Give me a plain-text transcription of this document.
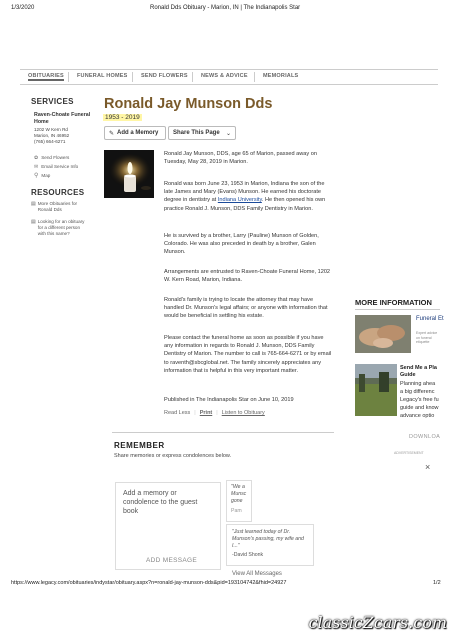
1/3/2020	Ronald Dds Obituary - Marion, IN | The Indianapolis Star
OBITUARIES FUNERAL HOMES SEND FLOWERS NEWS & ADVICE	MEMORIALS
SERVICES
Raven-Choate Funeral
Home
1202 W Kern Rd
Marion, IN 46952
(765) 664-6271
✿ Send Flowers
✉ Email Service Info
⚲ Map
RESOURCES
▤ More Obituaries for
Ronald Dds
▤ Looking for an obituary
for a different person
with this name?
Ronald Jay Munson Dds
1953 - 2019
✎ Add a Memory Share This Page ⌄
Ronald Jay Munson, DDS, age 65 of Marion, passed away on Tuesday, May 28, 2019 in Marion.
Ronald was born June 23, 1953 in Marion, Indiana the son of the late James and Mary (Evans) Munson. He earned his doctorate degree in dentistry at Indiana University. He then opened his own practice Ronald J. Munson, DDS Family Dentistry in Marion.
He is survived by a brother, Larry (Pauline) Munson of Golden, Colorado. He was also preceded in death by a brother, Galen Munson.
Arrangements are entrusted to Raven-Choate Funeral Home, 1202 W. Kern Road, Marion, Indiana.
Ronald's family is trying to locate the attorney that may have handled Dr. Munson's legal affairs; or anyone with information that would be beneficial in settling his estate.
Please contact the funeral home as soon as possible if you have any information in regards to Ronald J. Munson, DDS Family Dentistry of Marion. The number to call is 765-664-6271 or by email to raventh@sbcglobal.net. The family sincerely appreciates any information that is helpful in this very important matter.
Published in The Indianapolis Star on June 10, 2019
Read Less | Print | Listen to Obituary
MORE INFORMATION
Funeral Et
Expert advice on funeral etiquette
Send Me a Pla
Guide
Planning ahea
a big differenc
Legacy's free fu
guide and know
advance optio
DOWNLOA
ADVERTISEMENT
×
REMEMBER
Share memories or express condolences below.
Add a memory or condolence to the guest book
ADD MESSAGE
"We a
Munsc
gone
Pam
"Just learned today of Dr.
Munson's passing, my wife and
I..."
-David Shonk
View All Messages
https://www.legacy.com/obituaries/indystar/obituary.aspx?n=ronald-jay-munson-dds&pid=193104742&fhid=24927	1/2
classicZcars.com
